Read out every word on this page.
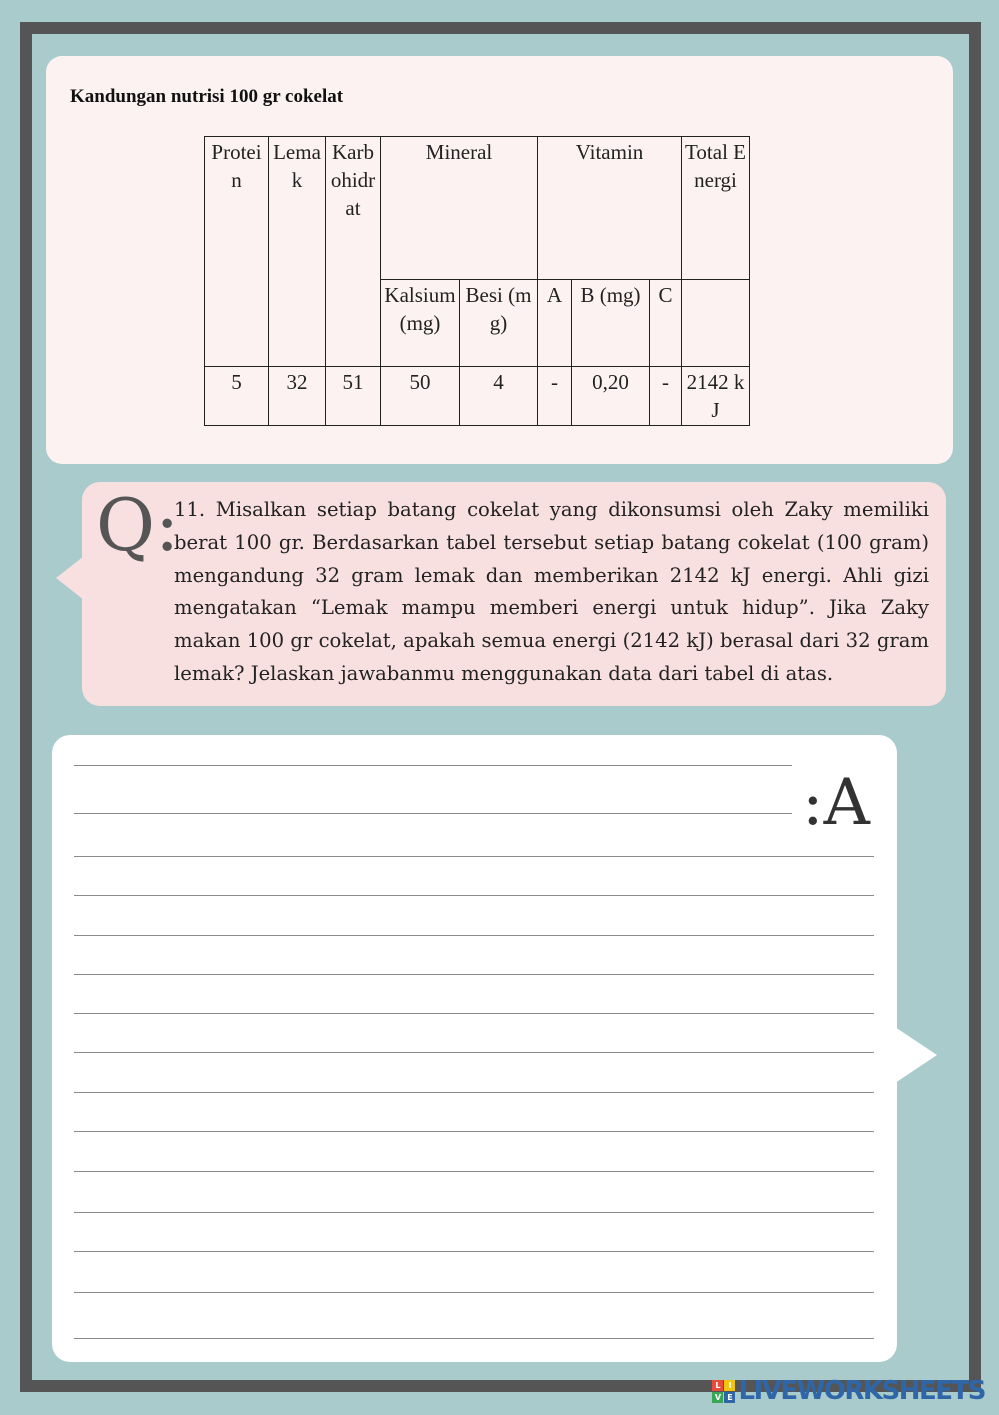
Kandungan nutrisi 100 gr cokelat
Protein	Lemak	Karbohidrat	Mineral		Vitamin			Total Energi
			Kalsium (mg)	Besi (mg)	A	B (mg)	C	
5	32	51	50	4	-	0,20	-	2142 kJ
Q:

11. Misalkan setiap batang cokelat yang dikonsumsi oleh Zaky memiliki berat 100 gr. Berdasarkan tabel tersebut setiap batang cokelat (100 gram) mengandung 32 gram lemak dan memberikan 2142 kJ energi. Ahli gizi mengatakan “Lemak mampu memberi energi untuk hidup”. Jika Zaky makan 100 gr cokelat, apakah semua energi (2142 kJ) berasal dari 32 gram lemak? Jelaskan jawabanmu menggunakan data dari tabel di atas.

:A
L I
V E LIVEWORKSHEETS
